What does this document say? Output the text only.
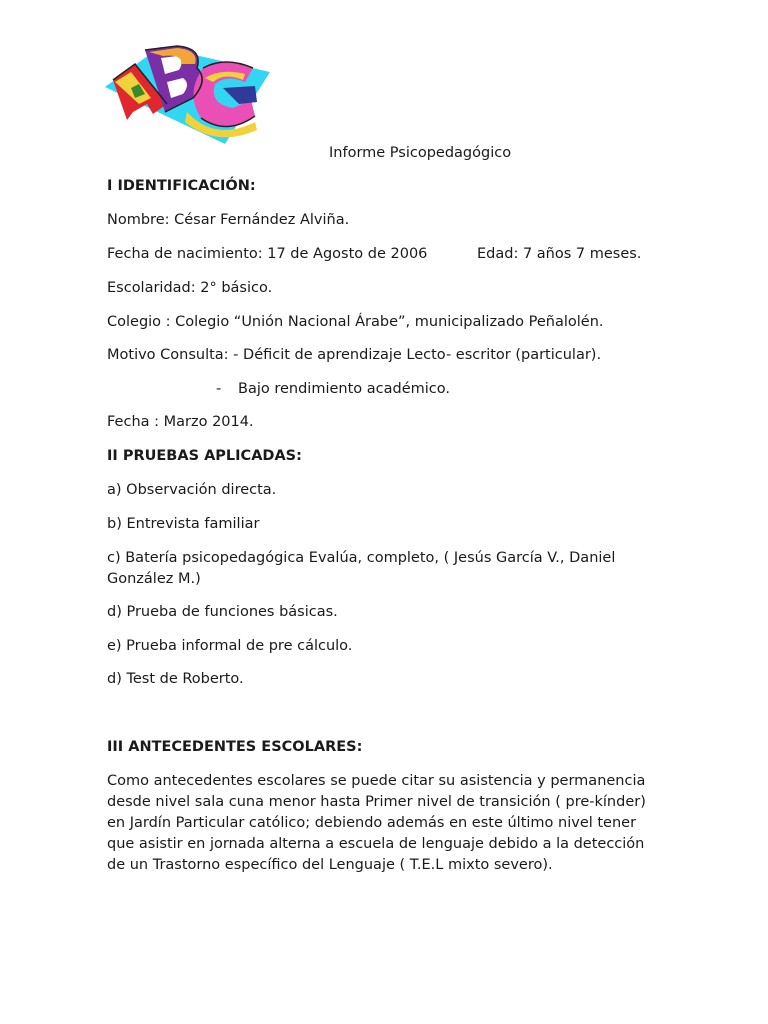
Informe Psicopedagógico
I IDENTIFICACIÓN:
Nombre: César Fernández Alviña.
Fecha de nacimiento: 17 de Agosto de 2006	Edad: 7 años 7 meses.
Escolaridad: 2° básico.
Colegio : Colegio “Unión Nacional Árabe”, municipalizado Peñalolén.
Motivo Consulta: - Déficit de aprendizaje Lecto- escritor (particular).
- Bajo rendimiento académico.
Fecha : Marzo 2014.
II PRUEBAS APLICADAS:
a) Observación directa.
b) Entrevista familiar
c) Batería psicopedagógica Evalúa, completo, ( Jesús García V., Daniel González M.)
d) Prueba de funciones básicas.
e) Prueba informal de pre cálculo.
d) Test de Roberto.
III ANTECEDENTES ESCOLARES:
Como antecedentes escolares se puede citar su asistencia y permanencia desde nivel sala cuna menor hasta Primer nivel de transición ( pre-kínder) en Jardín Particular católico; debiendo además en este último nivel tener que asistir en jornada alterna a escuela de lenguaje debido a la detección de un Trastorno específico del Lenguaje ( T.E.L mixto severo).
